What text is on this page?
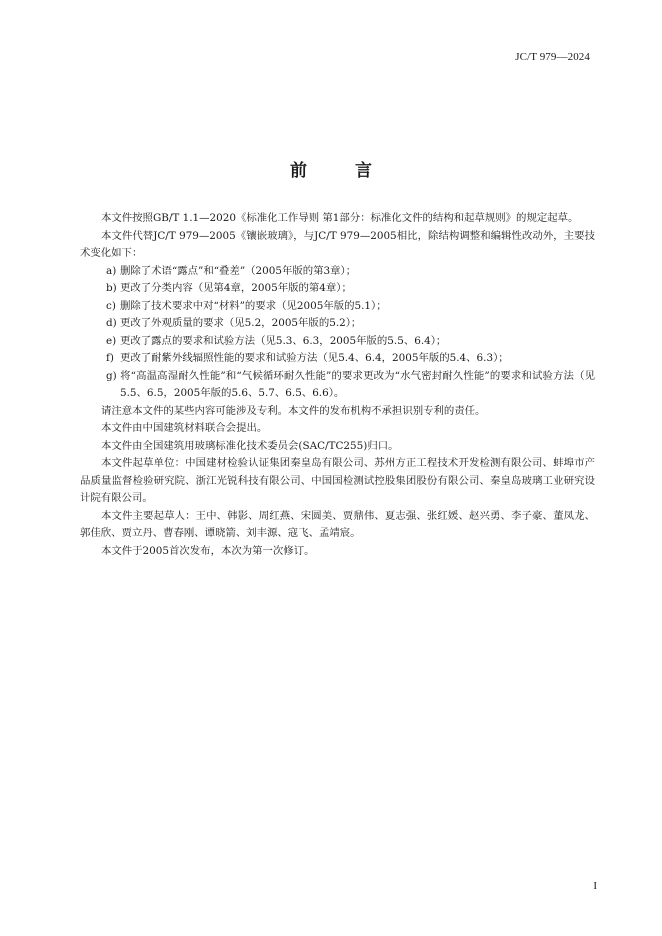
JC/T 979—2024
前言

本文件按照GB/T 1.1—2020《标准化工作导则 第1部分：标准化文件的结构和起草规则》的规定起草。

本文件代替JC/T 979—2005《镶嵌玻璃》，与JC/T 979—2005相比，除结构调整和编辑性改动外，主要技术变化如下：

a) 删除了术语“露点”和“叠差”（2005年版的第3章）；

b) 更改了分类内容（见第4章，2005年版的第4章）；

c) 删除了技术要求中对“材料”的要求（见2005年版的5.1）；

d) 更改了外观质量的要求（见5.2，2005年版的5.2）；

e) 更改了露点的要求和试验方法（见5.3、6.3，2005年版的5.5、6.4）；

f) 更改了耐紫外线辐照性能的要求和试验方法（见5.4、6.4，2005年版的5.4、6.3）；

g) 将“高温高湿耐久性能”和“气候循环耐久性能”的要求更改为“水气密封耐久性能”的要求和试验方法（见5.5、6.5，2005年版的5.6、5.7、6.5、6.6）。

请注意本文件的某些内容可能涉及专利。本文件的发布机构不承担识别专利的责任。

本文件由中国建筑材料联合会提出。

本文件由全国建筑用玻璃标准化技术委员会(SAC/TC255)归口。

本文件起草单位：中国建材检验认证集团秦皇岛有限公司、苏州方正工程技术开发检测有限公司、蚌埠市产品质量监督检验研究院、浙江光锐科技有限公司、中国国检测试控股集团股份有限公司、秦皇岛玻璃工业研究设计院有限公司。

本文件主要起草人：王中、韩影、周红燕、宋圆美、贾鼎伟、夏志强、张红媛、赵兴勇、李子豪、董凤龙、郭佳欣、贾立丹、曹春刚、谭晓箭、刘丰源、寇飞、孟靖宸。

本文件于2005首次发布，本次为第一次修订。

I
